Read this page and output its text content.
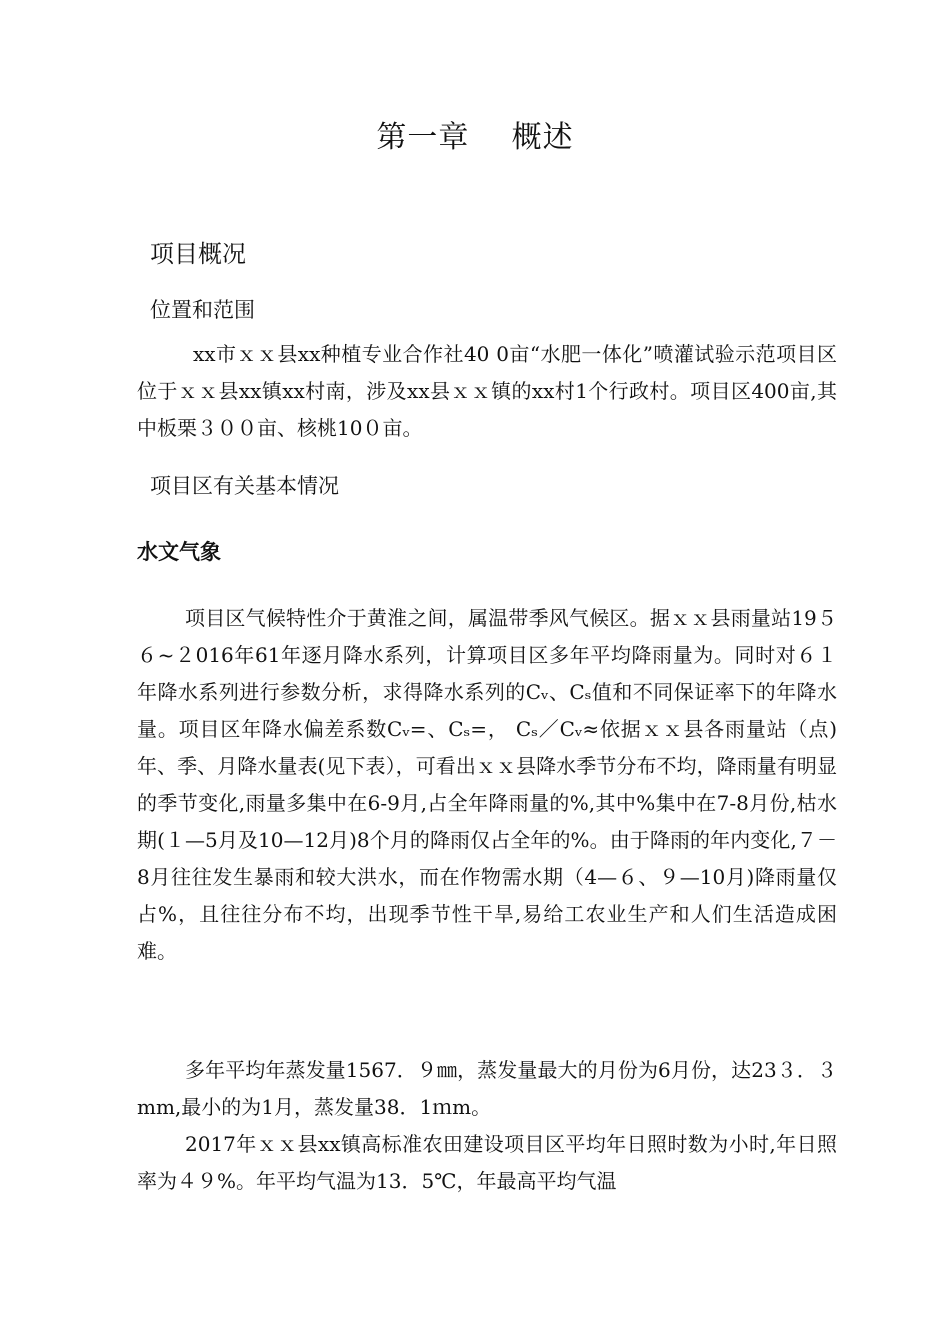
第一章    概述
项目概况
位置和范围
xx市ｘｘ县xx种植专业合作社40 0亩“水肥一体化”喷灌试验示范项目区位于ｘｘ县xx镇xx村南，涉及xx县ｘｘ镇的xx村1个行政村。项目区400亩,其中板栗３００亩、核桃10０亩。
项目区有关基本情况
水文气象
项目区气候特性介于黄淮之间，属温带季风气候区。据ｘｘ县雨量站19５６~２016年61年逐月降水系列，计算项目区多年平均降雨量为。同时对６１年降水系列进行参数分析，求得降水系列的Cᵥ、Cₛ值和不同保证率下的年降水量。项目区年降水偏差系数Cᵥ=、Cₛ=， Cₛ／Cᵥ≈依据ｘｘ县各雨量站（点)年、季、月降水量表(见下表），可看出ｘｘ县降水季节分布不均，降雨量有明显的季节变化,雨量多集中在6-9月,占全年降雨量的%,其中%集中在7-8月份,枯水期(１—5月及10—12月)8个月的降雨仅占全年的%。由于降雨的年内变化,７－8月往往发生暴雨和较大洪水，而在作物需水期（4—６、９—10月)降雨量仅占%，且往往分布不均，出现季节性干旱,易给工农业生产和人们生活造成困难。
多年平均年蒸发量1567．９㎜，蒸发量最大的月份为6月份，达23３．３mm,最小的为1月，蒸发量38．1ｍm。
2017年ｘｘ县xx镇高标准农田建设项目区平均年日照时数为小时,年日照率为４９%。年平均气温为13．5℃，年最高平均气温
